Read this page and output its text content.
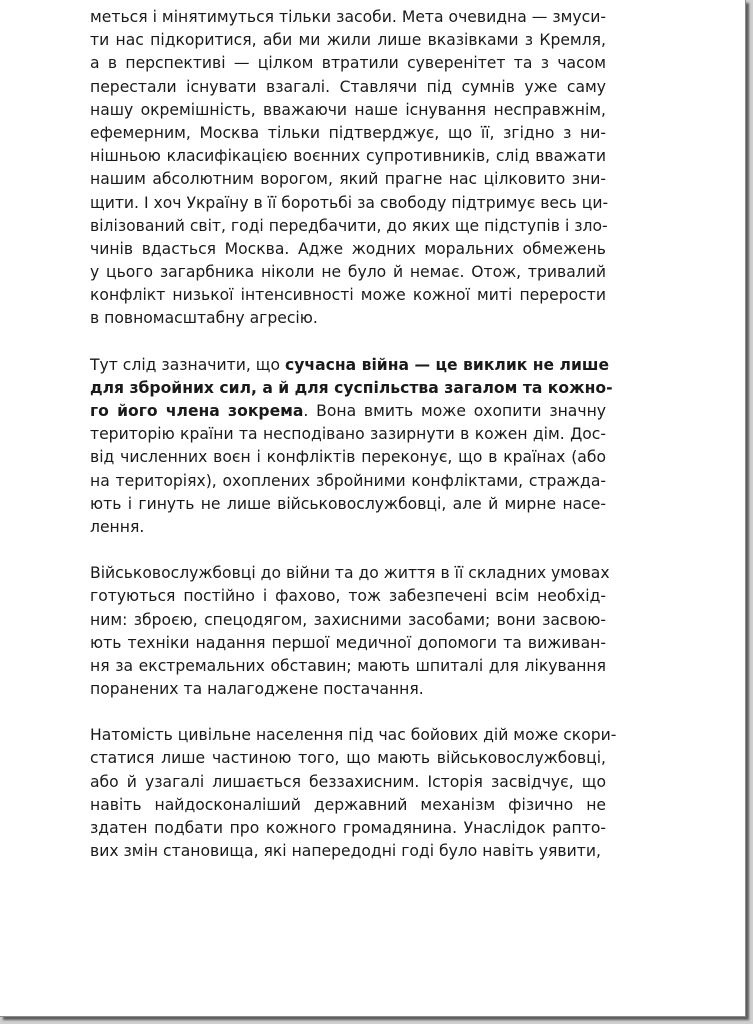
меться і мінятимуться тільки засоби. Мета очевидна — змуси-
ти нас підкоритися, аби ми жили лише вказівками з Кремля,
а в перспективі — цілком втратили суверенітет та з часом
перестали існувати взагалі. Ставлячи під сумнів уже саму
нашу окремішність, вважаючи наше існування несправжнім,
ефемерним, Москва тільки підтверджує, що її, згідно з ни-
нішньою класифікацією воєнних супротивників, слід вважати
нашим абсолютним ворогом, який прагне нас цілковито зни-
щити. І хоч Україну в її боротьбі за свободу підтримує весь ци-
вілізований світ, годі передбачити, до яких ще підступів і зло-
чинів вдасться Москва. Адже жодних моральних обмежень
у цього загарбника ніколи не було й немає. Отож, тривалий
конфлікт низької інтенсивності може кожної миті перерости
в повномасштабну агресію.

Тут слід зазначити, що сучасна війна — це виклик не лише
для збройних сил, а й для суспільства загалом та кожно-
го його члена зокрема. Вона вмить може охопити значну
територію країни та несподівано зазирнути в кожен дім. Дос-
від численних воєн і конфліктів переконує, що в країнах (або
на територіях), охоплених збройними конфліктами, стражда-
ють і гинуть не лише військовослужбовці, але й мирне насе-
лення.

Військовослужбовці до війни та до життя в її складних умовах
готуються постійно і фахово, тож забезпечені всім необхід-
ним: зброєю, спецодягом, захисними засобами; вони засвою-
ють техніки надання першої медичної допомоги та виживан-
ня за екстремальних обставин; мають шпиталі для лікування
поранених та налагоджене постачання.

Натомість цивільне населення під час бойових дій може скори-
статися лише частиною того, що мають військовослужбовці,
або й узагалі лишається беззахисним. Історія засвідчує, що
навіть найдосконаліший державний механізм фізично не
здатен подбати про кожного громадянина. Унаслідок рапто-
вих змін становища, які напередодні годі було навіть уявити,
